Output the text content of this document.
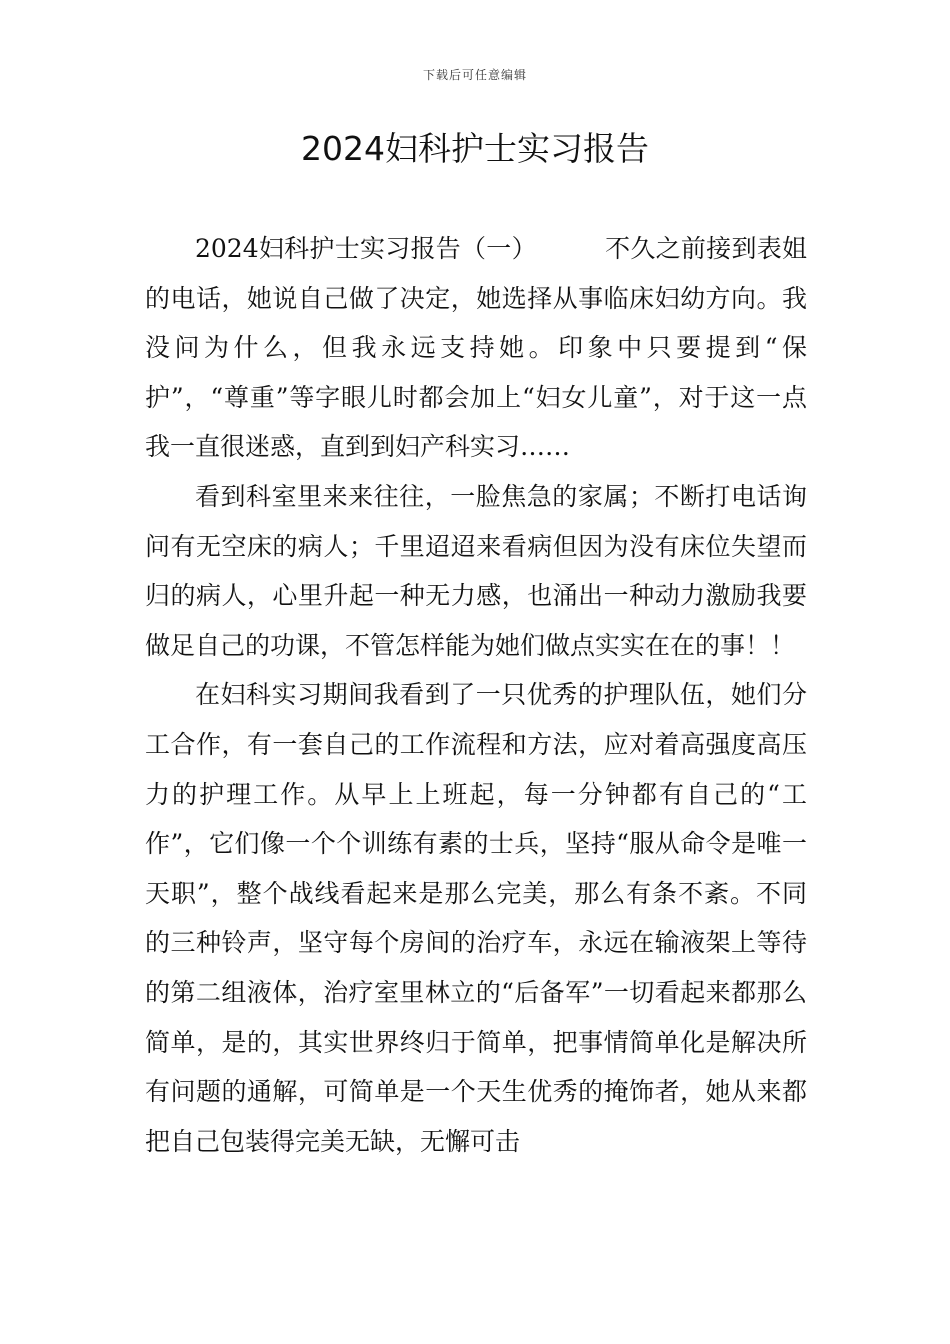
下载后可任意编辑
2024妇科护士实习报告

2024妇科护士实习报告（一）	不久之前接到表姐的电话，她说自己做了决定，她选择从事临床妇幼方向。我没问为什么，但我永远支持她。印象中只要提到“保护”，“尊重”等字眼儿时都会加上“妇女儿童”，对于这一点我一直很迷惑，直到到妇产科实习……

看到科室里来来往往，一脸焦急的家属；不断打电话询问有无空床的病人；千里迢迢来看病但因为没有床位失望而归的病人，心里升起一种无力感，也涌出一种动力激励我要做足自己的功课，不管怎样能为她们做点实实在在的事！！

在妇科实习期间我看到了一只优秀的护理队伍，她们分工合作，有一套自己的工作流程和方法，应对着高强度高压力的护理工作。从早上上班起，每一分钟都有自己的“工作”，它们像一个个训练有素的士兵，坚持“服从命令是唯一天职”，整个战线看起来是那么完美，那么有条不紊。不同的三种铃声，坚守每个房间的治疗车，永远在输液架上等待的第二组液体，治疗室里林立的“后备军”一切看起来都那么简单，是的，其实世界终归于简单，把事情简单化是解决所有问题的通解，可简单是一个天生优秀的掩饰者，她从来都把自己包装得完美无缺，无懈可击
